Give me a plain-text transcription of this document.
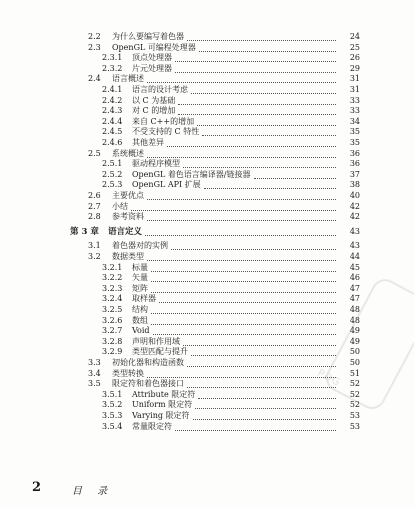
2.2 为什么要编写着色器	24
2.3 OpenGL 可编程处理器	25
2.3.1 顶点处理器	26
2.3.2 片元处理器	29
2.4 语言概述	31
2.4.1 语言的设计考虑	31
2.4.2 以 C 为基础	33
2.4.3 对 C 的增加	33
2.4.4 来自 C++的增加	34
2.4.5 不受支持的 C 特性	35
2.4.6 其他差异	35
2.5 系统概述	36
2.5.1 驱动程序模型	36
2.5.2 OpenGL 着色语言编译器/链接器	37
2.5.3 OpenGL API 扩展	38
2.6 主要优点	40
2.7 小结	42
2.8 参考资料	42
第 3 章 语言定义	43
3.1 着色器对的实例	43
3.2 数据类型	44
3.2.1 标量	45
3.2.2 矢量	46
3.2.3 矩阵	47
3.2.4 取样器	47
3.2.5 结构	48
3.2.6 数组	48
3.2.7 Void	49
3.2.8 声明和作用域	49
3.2.9 类型匹配与提升	50
3.3 初始化器和构造函数	50
3.4 类型转换	51
3.5 限定符和着色器接口	52
3.5.1 Attribute 限定符	52
3.5.2 Uniform 限定符	52
3.5.3 Varying 限定符	53
3.5.4 常量限定符	53
PDG
2	目 录
